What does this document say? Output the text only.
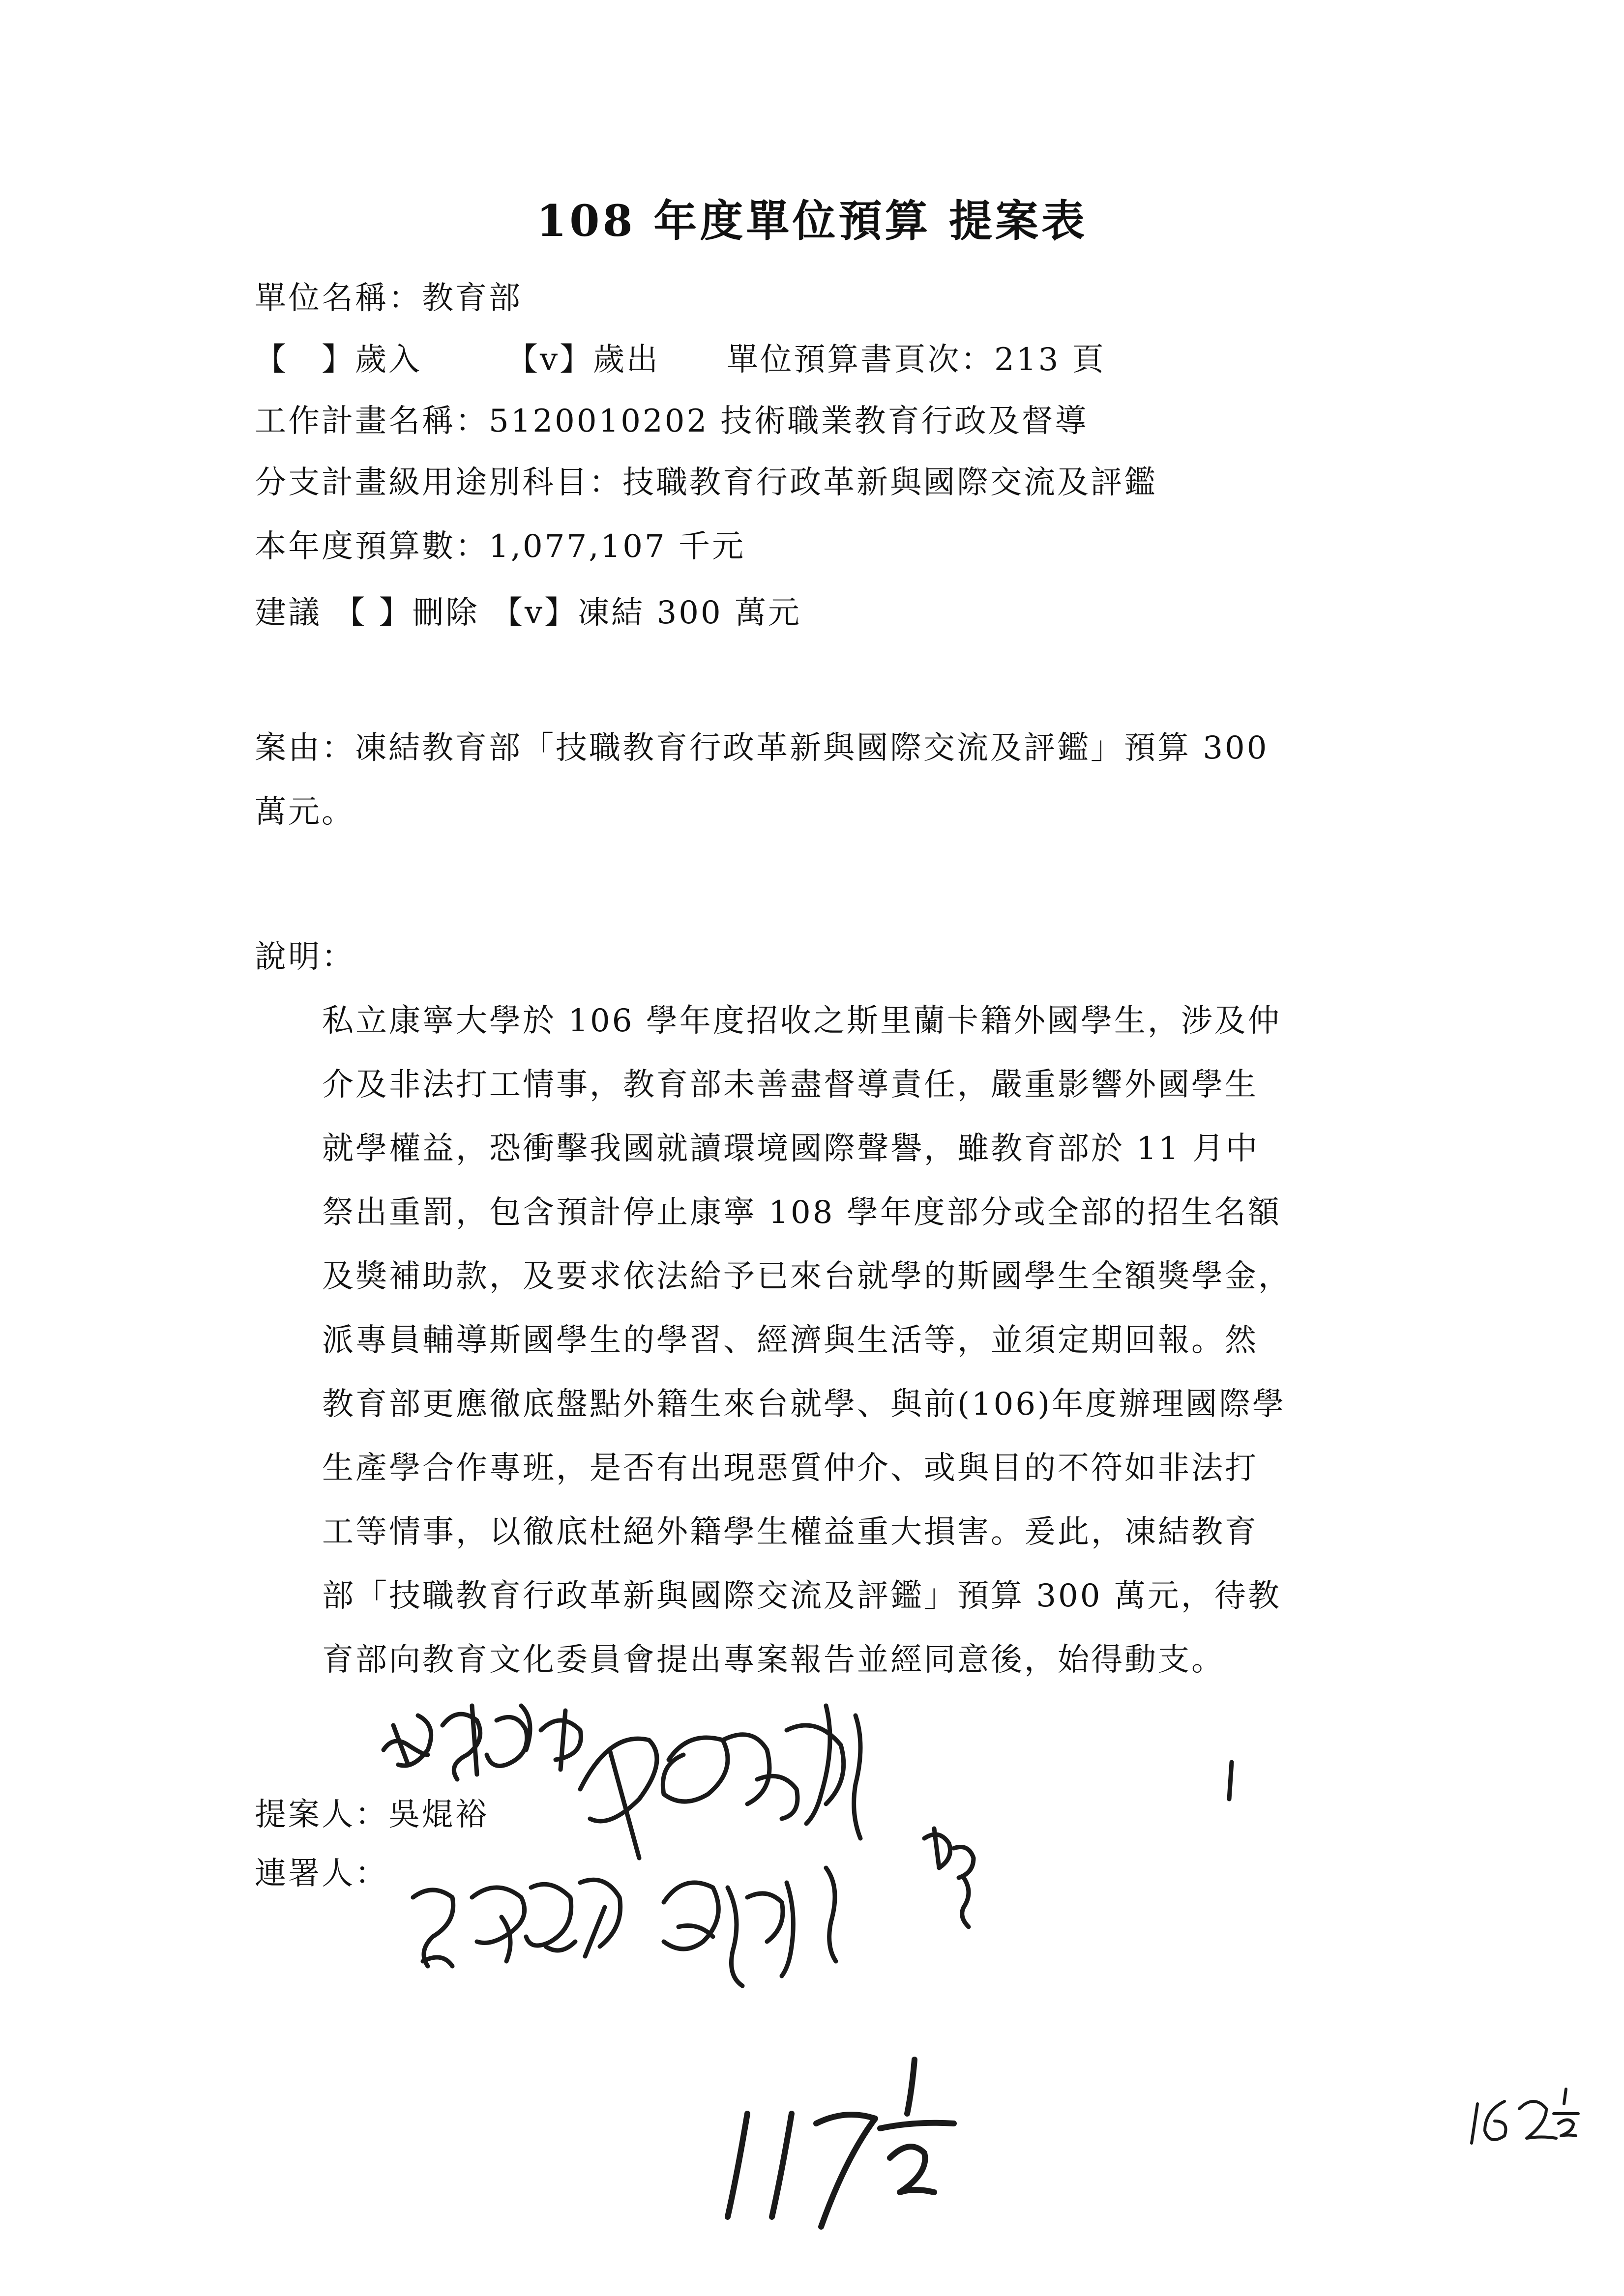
108 年度單位預算 提案表
單位名稱：教育部
【　】歲入　　　【v】歲出　　單位預算書頁次：213 頁
工作計畫名稱：5120010202 技術職業教育行政及督導
分支計畫級用途別科目：技職教育行政革新與國際交流及評鑑
本年度預算數：1,077,107 千元
建議 【 】刪除 【v】凍結 300 萬元
案由：凍結教育部「技職教育行政革新與國際交流及評鑑」預算 300
萬元。
說明：
私立康寧大學於 106 學年度招收之斯里蘭卡籍外國學生，涉及仲
介及非法打工情事，教育部未善盡督導責任，嚴重影響外國學生
就學權益，恐衝擊我國就讀環境國際聲譽，雖教育部於 11 月中
祭出重罰，包含預計停止康寧 108 學年度部分或全部的招生名額
及獎補助款，及要求依法給予已來台就學的斯國學生全額獎學金，
派專員輔導斯國學生的學習、經濟與生活等，並須定期回報。然
教育部更應徹底盤點外籍生來台就學、與前(106)年度辦理國際學
生產學合作專班，是否有出現惡質仲介、或與目的不符如非法打
工等情事，以徹底杜絕外籍學生權益重大損害。爰此，凍結教育
部「技職教育行政革新與國際交流及評鑑」預算 300 萬元，待教
育部向教育文化委員會提出專案報告並經同意後，始得動支。
提案人：吳焜裕
連署人：
